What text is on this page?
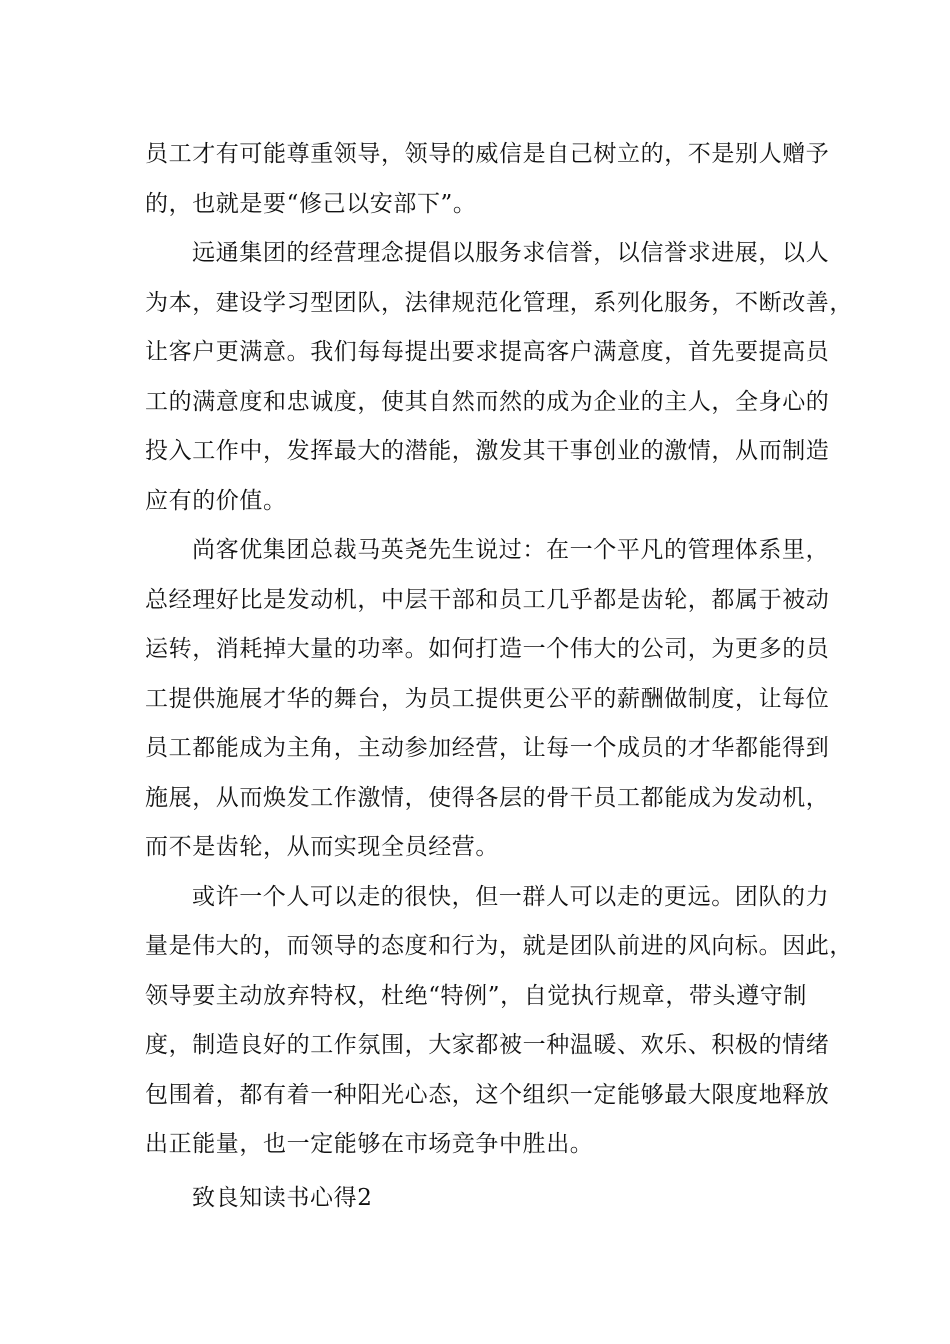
员工才有可能尊重领导，领导的威信是自己树立的，不是别人赠予
的，也就是要“修己以安部下”。
远通集团的经营理念提倡以服务求信誉，以信誉求进展，以人
为本，建设学习型团队，法律规范化管理，系列化服务，不断改善，
让客户更满意。我们每每提出要求提高客户满意度，首先要提高员
工的满意度和忠诚度，使其自然而然的成为企业的主人，全身心的
投入工作中，发挥最大的潜能，激发其干事创业的激情，从而制造
应有的价值。
尚客优集团总裁马英尧先生说过：在一个平凡的管理体系里，
总经理好比是发动机，中层干部和员工几乎都是齿轮，都属于被动
运转，消耗掉大量的功率。如何打造一个伟大的公司，为更多的员
工提供施展才华的舞台，为员工提供更公平的薪酬做制度，让每位
员工都能成为主角，主动参加经营，让每一个成员的才华都能得到
施展，从而焕发工作激情，使得各层的骨干员工都能成为发动机，
而不是齿轮，从而实现全员经营。
或许一个人可以走的很快，但一群人可以走的更远。团队的力
量是伟大的，而领导的态度和行为，就是团队前进的风向标。因此，
领导要主动放弃特权，杜绝“特例”，自觉执行规章，带头遵守制
度，制造良好的工作氛围，大家都被一种温暖、欢乐、积极的情绪
包围着，都有着一种阳光心态，这个组织一定能够最大限度地释放
出正能量，也一定能够在市场竞争中胜出。
致良知读书心得2
